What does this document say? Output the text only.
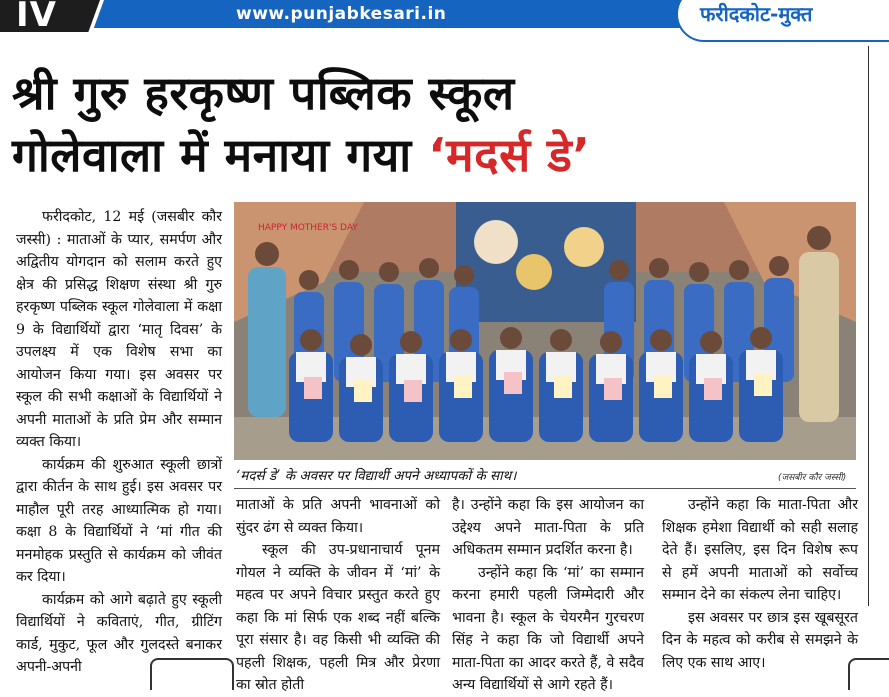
IV	www.punjabkesari.in	फरीदकोट-मुक्त
श्री गुरु हरकृष्ण पब्लिक स्कूल
गोलेवाला में मनाया गया ‘मदर्स डे’

फरीदकोट, 12 मई (जसबीर कौर जस्सी) : माताओं के प्यार, समर्पण और अद्वितीय योगदान को सलाम करते हुए क्षेत्र की प्रसिद्ध शिक्षण संस्था श्री गुरु हरकृष्ण पब्लिक स्कूल गोलेवाला में कक्षा 9 के विद्यार्थियों द्वारा ‘मातृ दिवस’ के उपलक्ष्य में एक विशेष सभा का आयोजन किया गया। इस अवसर पर स्कूल की सभी कक्षाओं के विद्यार्थियों ने अपनी माताओं के प्रति प्रेम और सम्मान व्यक्त किया।

कार्यक्रम की शुरुआत स्कूली छात्रों द्वारा कीर्तन के साथ हुई। इस अवसर पर माहौल पूरी तरह आध्यात्मिक हो गया। कक्षा 8 के विद्यार्थियों ने ‘मां गीत की मनमोहक प्रस्तुति से कार्यक्रम को जीवंत कर दिया।

कार्यक्रम को आगे बढ़ाते हुए स्कूली विद्यार्थियों ने कविताएं, गीत, ग्रीटिंग कार्ड, मुकुट, फूल और गुलदस्ते बनाकर अपनी-अपनी

HAPPY MOTHER'S DAY
‘मदर्स डे’ के अवसर पर विद्यार्थी अपने अध्यापकों के साथ।	(जसबीर कौर जस्सी)

माताओं के प्रति अपनी भावनाओं को सुंदर ढंग से व्यक्त किया।

स्कूल की उप-प्रधानाचार्य पूनम गोयल ने व्यक्ति के जीवन में ‘मां’ के महत्व पर अपने विचार प्रस्तुत करते हुए कहा कि मां सिर्फ एक शब्द नहीं बल्कि पूरा संसार है। वह किसी भी व्यक्ति की पहली शिक्षक, पहली मित्र और प्रेरणा का स्रोत होती

है। उन्होंने कहा कि इस आयोजन का उद्देश्य अपने माता-पिता के प्रति अधिकतम सम्मान प्रदर्शित करना है।

उन्होंने कहा कि ‘मां’ का सम्मान करना हमारी पहली जिम्मेदारी और भावना है। स्कूल के चेयरमैन गुरचरण सिंह ने कहा कि जो विद्यार्थी अपने माता-पिता का आदर करते हैं, वे सदैव अन्य विद्यार्थियों से आगे रहते हैं।

उन्होंने कहा कि माता-पिता और शिक्षक हमेशा विद्यार्थी को सही सलाह देते हैं। इसलिए, इस दिन विशेष रूप से हमें अपनी माताओं को सर्वोच्च सम्मान देने का संकल्प लेना चाहिए।

इस अवसर पर छात्र इस खूबसूरत दिन के महत्व को करीब से समझने के लिए एक साथ आए।
